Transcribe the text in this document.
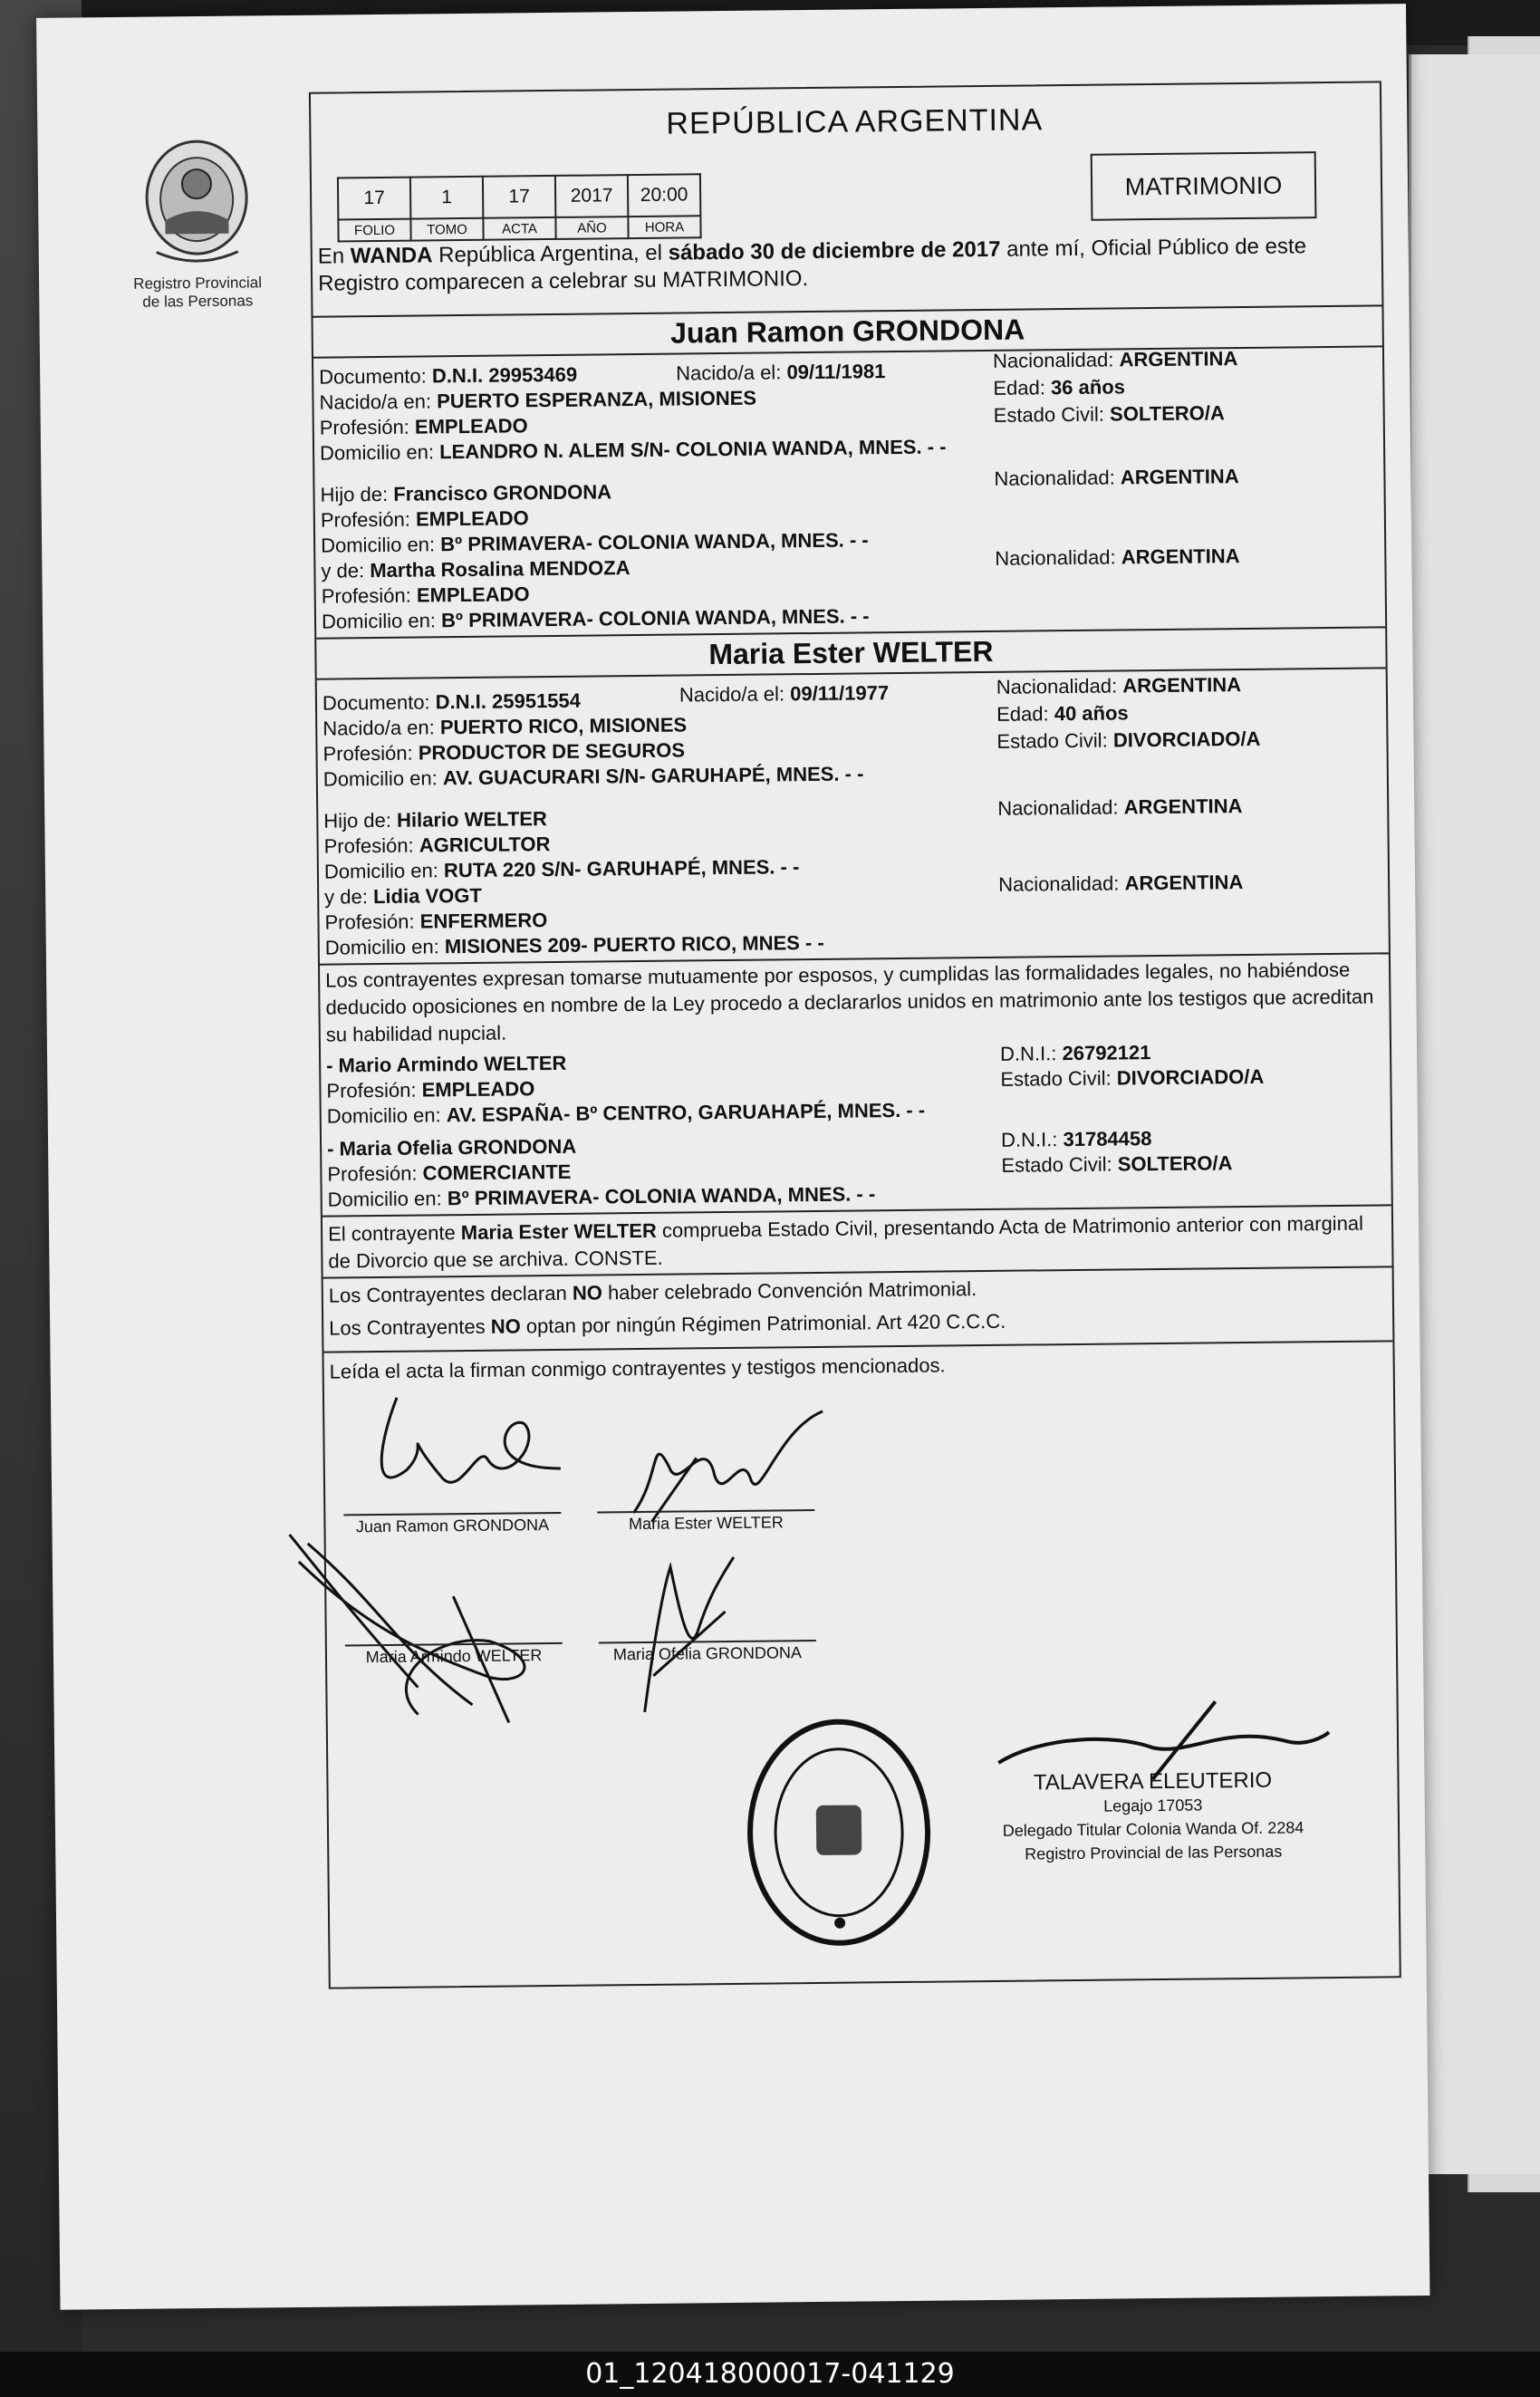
Registro Provincial
de las Personas
REPÚBLICA ARGENTINA
17	1	17	2017	20:00
FOLIO	TOMO	ACTA	AÑO	HORA
MATRIMONIO
En WANDA República Argentina, el sábado 30 de diciembre de 2017 ante mí, Oficial Público de este Registro comparecen a celebrar su MATRIMONIO.
Juan Ramon GRONDONA
Documento: D.N.I. 29953469	Nacido/a el: 09/11/1981	Nacionalidad: ARGENTINA
Nacido/a en: PUERTO ESPERANZA, MISIONES	Edad: 36 años
Profesión: EMPLEADO	Estado Civil: SOLTERO/A
Domicilio en: LEANDRO N. ALEM S/N- COLONIA WANDA, MNES. - -
Hijo de: Francisco GRONDONA
Nacionalidad: ARGENTINA
Profesión: EMPLEADO
Domicilio en: Bº PRIMAVERA- COLONIA WANDA, MNES. - -
y de: Martha Rosalina MENDOZA	Nacionalidad: ARGENTINA
Profesión: EMPLEADO
Domicilio en: Bº PRIMAVERA- COLONIA WANDA, MNES. - -
Maria Ester WELTER
Documento: D.N.I. 25951554	Nacido/a el: 09/11/1977	Nacionalidad: ARGENTINA
Nacido/a en: PUERTO RICO, MISIONES	Edad: 40 años
Profesión: PRODUCTOR DE SEGUROS	Estado Civil: DIVORCIADO/A
Domicilio en: AV. GUACURARI S/N- GARUHAPÉ, MNES. - -
Hijo de: Hilario WELTER	Nacionalidad: ARGENTINA
Profesión: AGRICULTOR
Domicilio en: RUTA 220 S/N- GARUHAPÉ, MNES. - -
y de: Lidia VOGT
Nacionalidad: ARGENTINA
Profesión: ENFERMERO
Domicilio en: MISIONES 209- PUERTO RICO, MNES - -
Los contrayentes expresan tomarse mutuamente por esposos, y cumplidas las formalidades legales, no habiéndose deducido oposiciones en nombre de la Ley procedo a declararlos unidos en matrimonio ante los testigos que acreditan su habilidad nupcial.
- Mario Armindo WELTER	D.N.I.: 26792121
Profesión: EMPLEADO	Estado Civil: DIVORCIADO/A
Domicilio en: AV. ESPAÑA- Bº CENTRO, GARUAHAPÉ, MNES. - -
- Maria Ofelia GRONDONA	D.N.I.: 31784458
Profesión: COMERCIANTE	Estado Civil: SOLTERO/A
Domicilio en: Bº PRIMAVERA- COLONIA WANDA, MNES. - -
El contrayente Maria Ester WELTER comprueba Estado Civil, presentando Acta de Matrimonio anterior con marginal de Divorcio que se archiva. CONSTE.
Los Contrayentes declaran NO haber celebrado Convención Matrimonial.
Los Contrayentes NO optan por ningún Régimen Patrimonial. Art 420 C.C.C.
Leída el acta la firman conmigo contrayentes y testigos mencionados.
Juan Ramon GRONDONA	Maria Ester WELTER
Maria Armindo WELTER	Maria Ofelia GRONDONA
TALAVERA ELEUTERIO
Legajo 17053
Delegado Titular Colonia Wanda Of. 2284
Registro Provincial de las Personas
01_120418000017-041129
